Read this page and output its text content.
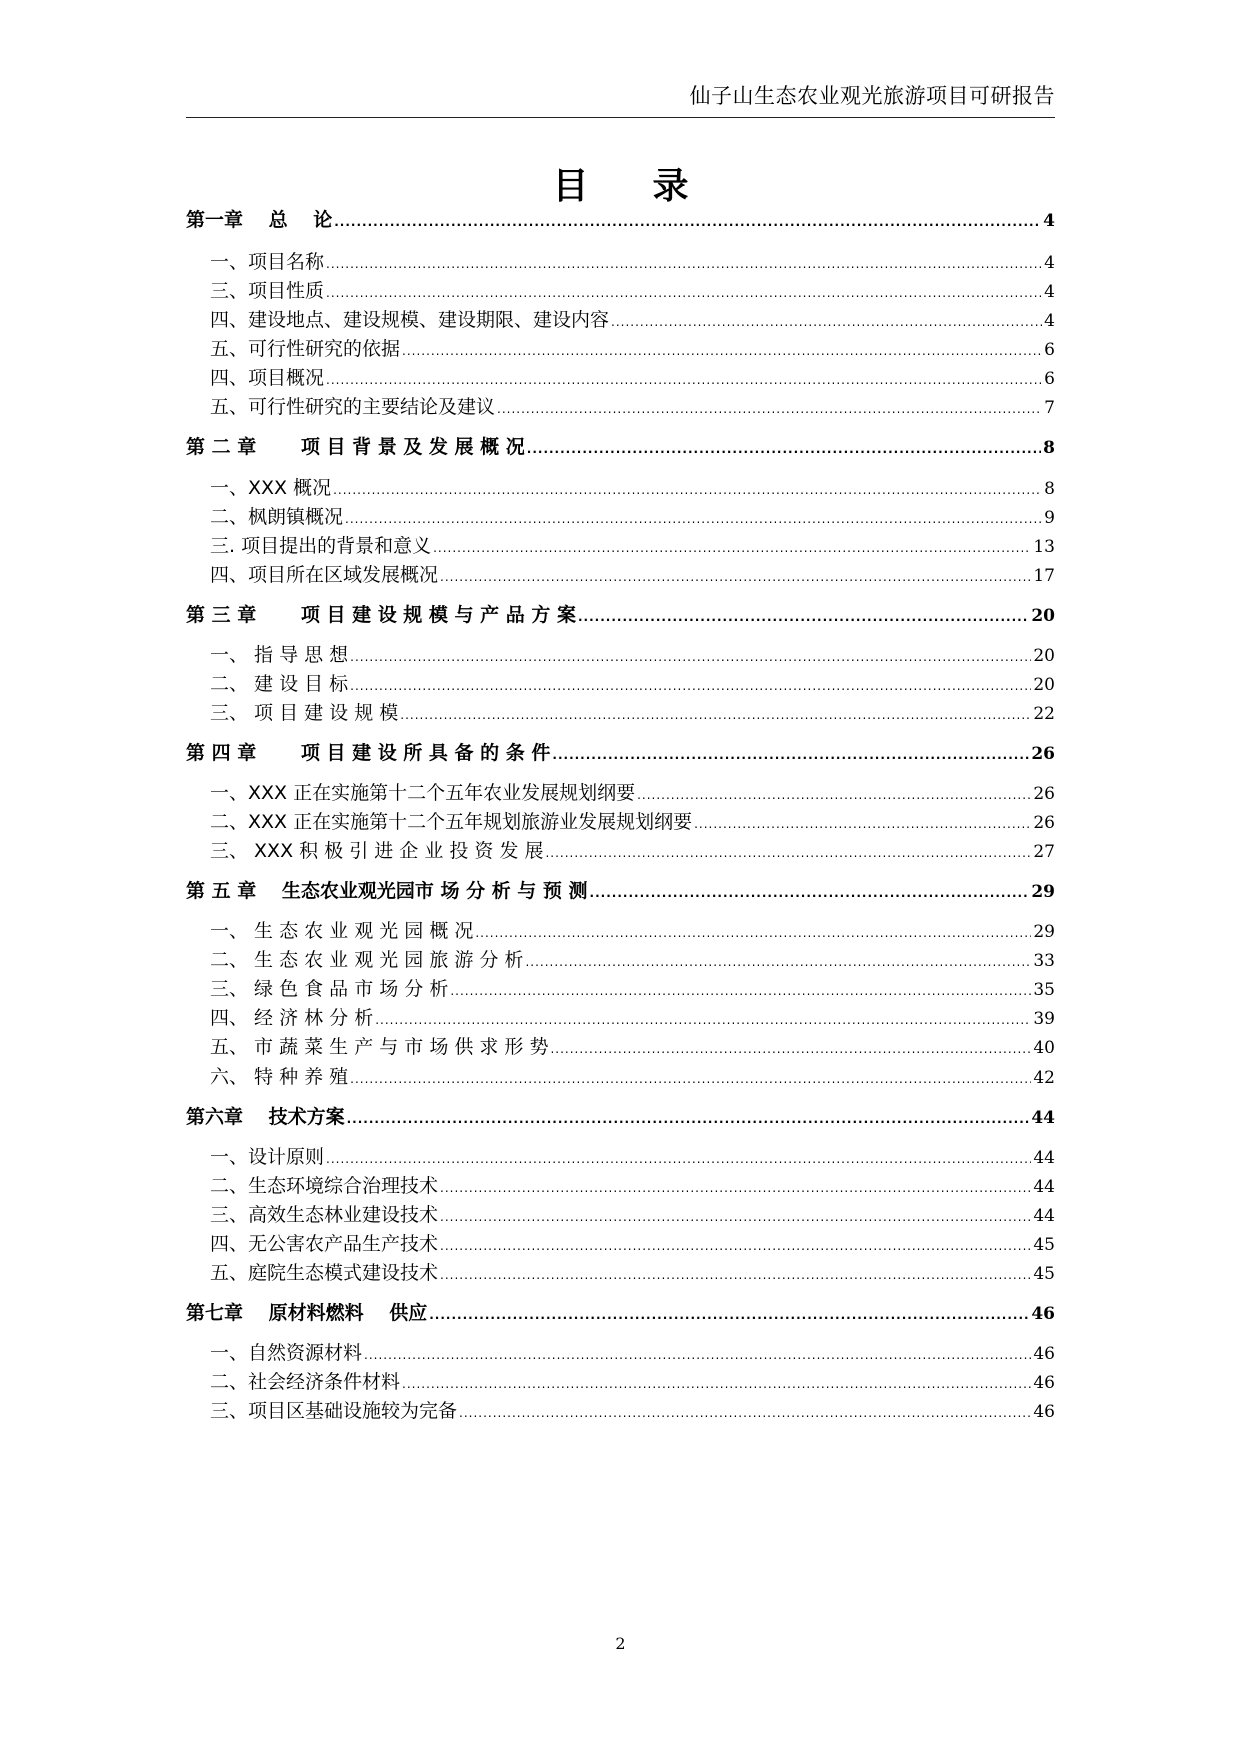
仙子山生态农业观光旅游项目可研报告
目录
第一章　 总　 论 .....	4
一、项目名称 .....	4
三、项目性质 .....	4
四、建设地点、建设规模、建设期限、建设内容 .....	4
五、可行性研究的依据 .....	6
四、项目概况 .....	6
五、可行性研究的主要结论及建议 .....	7
第 二 章　　 项 目 背 景 及 发 展 概 况 .....	8
一、XXX 概况 .....	8
二、枫朗镇概况 .....	9
三. 项目提出的背景和意义 .....	13
四、项目所在区域发展概况 .....	17
第 三 章　　 项 目 建 设 规 模 与 产 品 方 案 .....	20
一、 指 导 思 想 .....	20
二、 建 设 目 标 .....	20
三、 项 目 建 设 规 模 .....	22
第 四 章　　 项 目 建 设 所 具 备 的 条 件 .....	26
一、XXX 正在实施第十二个五年农业发展规划纲要 .....	26
二、XXX 正在实施第十二个五年规划旅游业发展规划纲要 .....	26
三、 XXX 积 极 引 进 企 业 投 资 发 展 .....	27
第 五 章　 生态农业观光园市 场 分 析 与 预 测 .....	29
一、 生 态 农 业 观 光 园 概 况 .....	29
二、 生 态 农 业 观 光 园 旅 游 分 析 .....	33
三、 绿 色 食 品 市 场 分 析 .....	35
四、 经 济 林 分 析 .....	39
五、 市 蔬 菜 生 产 与 市 场 供 求 形 势 .....	40
六、 特 种 养 殖 .....	42
第六章　 技术方案 .....	44
一、设计原则 .....	44
二、生态环境综合治理技术 .....	44
三、高效生态林业建设技术 .....	44
四、无公害农产品生产技术 .....	45
五、庭院生态模式建设技术 .....	45
第七章　 原材料燃料　 供应 .....	46
一、自然资源材料 .....	46
二、社会经济条件材料 .....	46
三、项目区基础设施较为完备 .....	46
2
